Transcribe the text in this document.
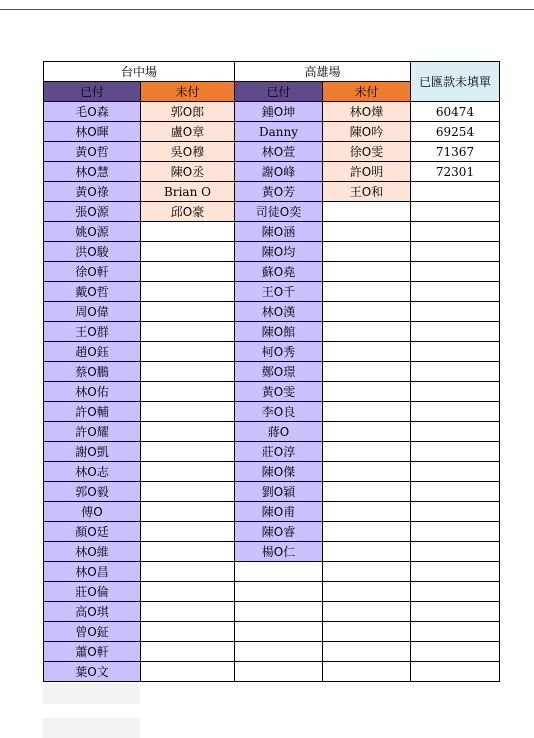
台中場		高雄場		已匯款未填單
已付	未付	已付	未付	
毛O森	郭O郎	鍾O坤	林O燁	60474
林O暉	盧O章	Danny	陳O吟	69254
黃O哲	吳O穆	林O萱	徐O雯	71367
林O慧	陳O丞	謝O峰	許O明	72301
黃O祿	Brian O	黃O芳	王O和	
張O源	邱O豪	司徒O奕		
姚O源		陳O涵		
洪O駿		陳O均		
徐O軒		蘇O堯		
戴O哲		王O千		
周O偉		林O漢		
王O群		陳O館		
趙O鈺		柯O秀		
蔡O鵬		鄭O璟		
林O佑		黃O雯		
許O輔		李O良		
許O耀		蔣O		
謝O凱		莊O淳		
林O志		陳O傑		
郭O毅		劉O穎		
傅O		陳O甫		
顏O廷		陳O睿		
林O維		楊O仁		
林O昌				
莊O倫				
高O琪				
曾O鉦				
蕭O軒				
葉O文				
